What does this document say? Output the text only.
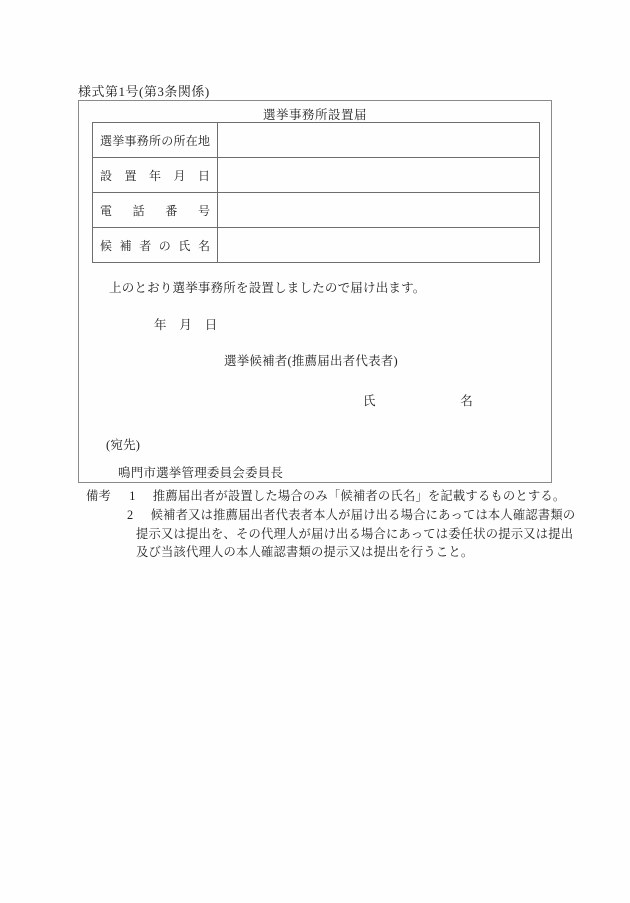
様式第1号(第3条関係)
選挙事務所設置届
選挙事務所の所在地
設置年月日
電話番号
候補者の氏名
上のとおり選挙事務所を設置しましたので届け出ます。
年　月　日
選挙候補者(推薦届出者代表者)
氏	名
(宛先)
鳴門市選挙管理委員会委員長
備考 1 推薦届出者が設置した場合のみ「候補者の氏名」を記載するものとする。
2 候補者又は推薦届出者代表者本人が届け出る場合にあっては本人確認書類の
提示又は提出を、その代理人が届け出る場合にあっては委任状の提示又は提出
及び当該代理人の本人確認書類の提示又は提出を行うこと。
